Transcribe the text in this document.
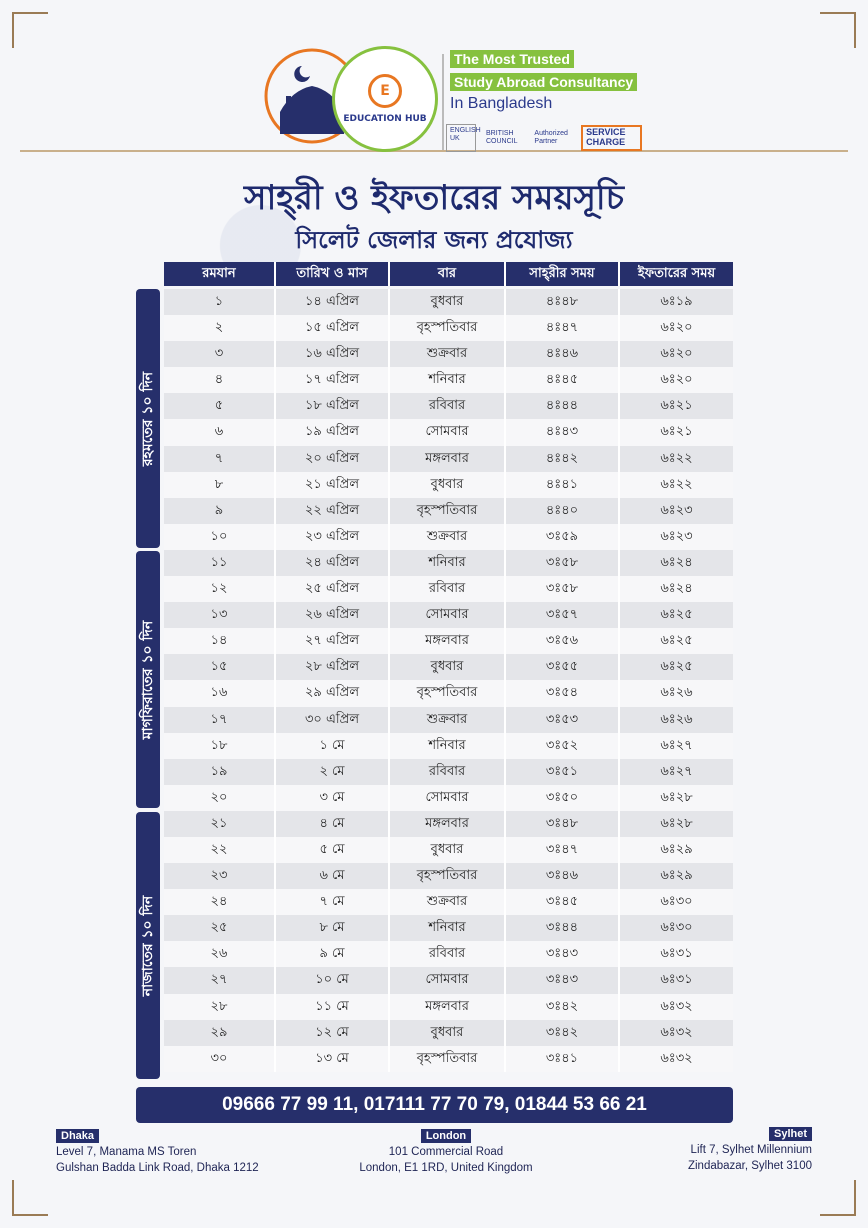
E
EDUCATION HUB
The Most Trusted
Study Abroad Consultancy
In Bangladesh
ENGLISH UK
BRITISH COUNCIL
Authorized Partner
SERVICE CHARGE
সাহ্‌রী ও ইফতারের সময়সূচি
সিলেট জেলার জন্য প্রযোজ্য
রমযান	তারিখ ও মাস	বার	সাহ্‌রীর সময়	ইফতারের সময়
রহমতের ১০ দিন
মাগফিরাতের ১০ দিন
নাজাতের ১০ দিন
১	১৪ এপ্রিল	বুধবার	৪ঃ৪৮	৬ঃ১৯
২	১৫ এপ্রিল	বৃহস্পতিবার	৪ঃ৪৭	৬ঃ২০
৩	১৬ এপ্রিল	শুক্রবার	৪ঃ৪৬	৬ঃ২০
৪	১৭ এপ্রিল	শনিবার	৪ঃ৪৫	৬ঃ২০
৫	১৮ এপ্রিল	রবিবার	৪ঃ৪৪	৬ঃ২১
৬	১৯ এপ্রিল	সোমবার	৪ঃ৪৩	৬ঃ২১
৭	২০ এপ্রিল	মঙ্গলবার	৪ঃ৪২	৬ঃ২২
৮	২১ এপ্রিল	বুধবার	৪ঃ৪১	৬ঃ২২
৯	২২ এপ্রিল	বৃহস্পতিবার	৪ঃ৪০	৬ঃ২৩
১০	২৩ এপ্রিল	শুক্রবার	৩ঃ৫৯	৬ঃ২৩
১১	২৪ এপ্রিল	শনিবার	৩ঃ৫৮	৬ঃ২৪
১২	২৫ এপ্রিল	রবিবার	৩ঃ৫৮	৬ঃ২৪
১৩	২৬ এপ্রিল	সোমবার	৩ঃ৫৭	৬ঃ২৫
১৪	২৭ এপ্রিল	মঙ্গলবার	৩ঃ৫৬	৬ঃ২৫
১৫	২৮ এপ্রিল	বুধবার	৩ঃ৫৫	৬ঃ২৫
১৬	২৯ এপ্রিল	বৃহস্পতিবার	৩ঃ৫৪	৬ঃ২৬
১৭	৩০ এপ্রিল	শুক্রবার	৩ঃ৫৩	৬ঃ২৬
১৮	১ মে	শনিবার	৩ঃ৫২	৬ঃ২৭
১৯	২ মে	রবিবার	৩ঃ৫১	৬ঃ২৭
২০	৩ মে	সোমবার	৩ঃ৫০	৬ঃ২৮
২১	৪ মে	মঙ্গলবার	৩ঃ৪৮	৬ঃ২৮
২২	৫ মে	বুধবার	৩ঃ৪৭	৬ঃ২৯
২৩	৬ মে	বৃহস্পতিবার	৩ঃ৪৬	৬ঃ২৯
২৪	৭ মে	শুক্রবার	৩ঃ৪৫	৬ঃ৩০
২৫	৮ মে	শনিবার	৩ঃ৪৪	৬ঃ৩০
২৬	৯ মে	রবিবার	৩ঃ৪৩	৬ঃ৩১
২৭	১০ মে	সোমবার	৩ঃ৪৩	৬ঃ৩১
২৮	১১ মে	মঙ্গলবার	৩ঃ৪২	৬ঃ৩২
২৯	১২ মে	বুধবার	৩ঃ৪২	৬ঃ৩২
৩০	১৩ মে	বৃহস্পতিবার	৩ঃ৪১	৬ঃ৩২
09666 77 99 11, 017111 77 70 79, 01844 53 66 21
Dhaka
Level 7, Manama MS Toren
Gulshan Badda Link Road, Dhaka 1212
London
101 Commercial Road
London, E1 1RD, United Kingdom
Sylhet
Lift 7, Sylhet Millennium
Zindabazar, Sylhet 3100
